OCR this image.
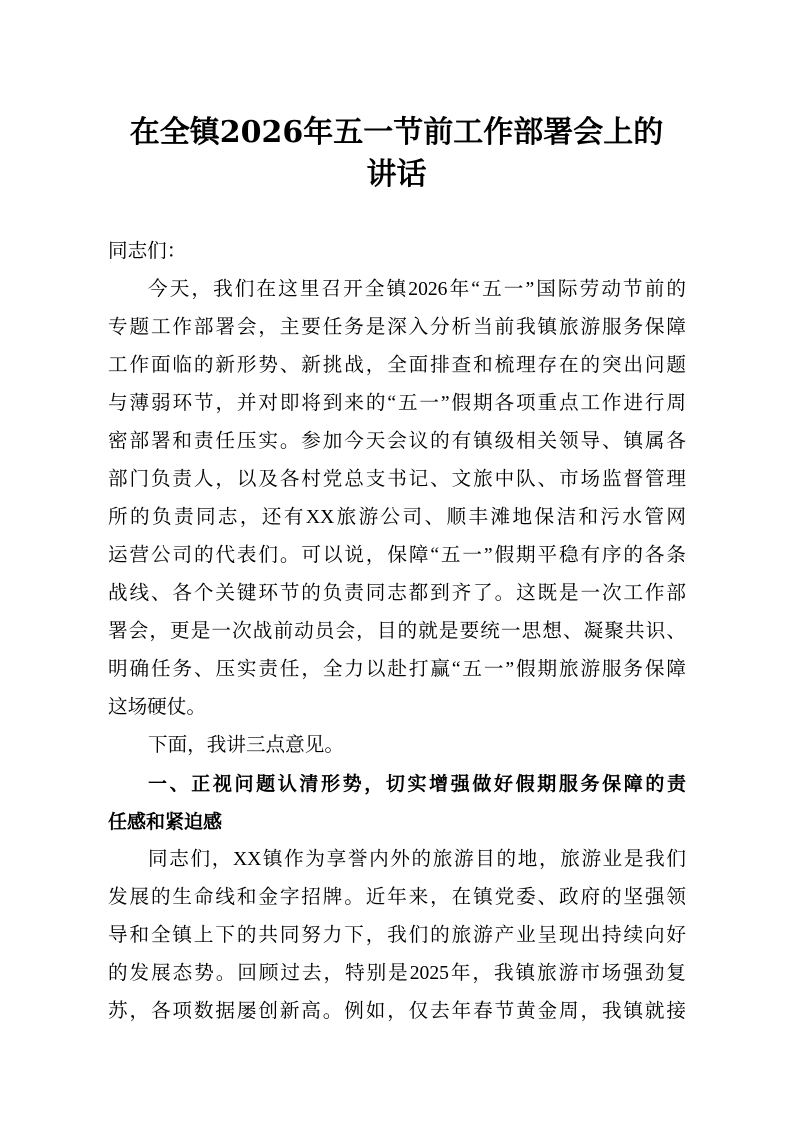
在全镇2026年五一节前工作部署会上的
讲话
同志们：
今天，我们在这里召开全镇2026年“五一”国际劳动节前的
专题工作部署会，主要任务是深入分析当前我镇旅游服务保障
工作面临的新形势、新挑战，全面排查和梳理存在的突出问题
与薄弱环节，并对即将到来的“五一”假期各项重点工作进行周
密部署和责任压实。参加今天会议的有镇级相关领导、镇属各
部门负责人，以及各村党总支书记、文旅中队、市场监督管理
所的负责同志，还有XX旅游公司、顺丰滩地保洁和污水管网
运营公司的代表们。可以说，保障“五一”假期平稳有序的各条
战线、各个关键环节的负责同志都到齐了。这既是一次工作部
署会，更是一次战前动员会，目的就是要统一思想、凝聚共识、
明确任务、压实责任，全力以赴打赢“五一”假期旅游服务保障
这场硬仗。
下面，我讲三点意见。
一、正视问题认清形势，切实增强做好假期服务保障的责
任感和紧迫感
同志们，XX镇作为享誉内外的旅游目的地，旅游业是我们
发展的生命线和金字招牌。近年来，在镇党委、政府的坚强领
导和全镇上下的共同努力下，我们的旅游产业呈现出持续向好
的发展态势。回顾过去，特别是2025年，我镇旅游市场强劲复
苏，各项数据屡创新高。例如，仅去年春节黄金周，我镇就接
